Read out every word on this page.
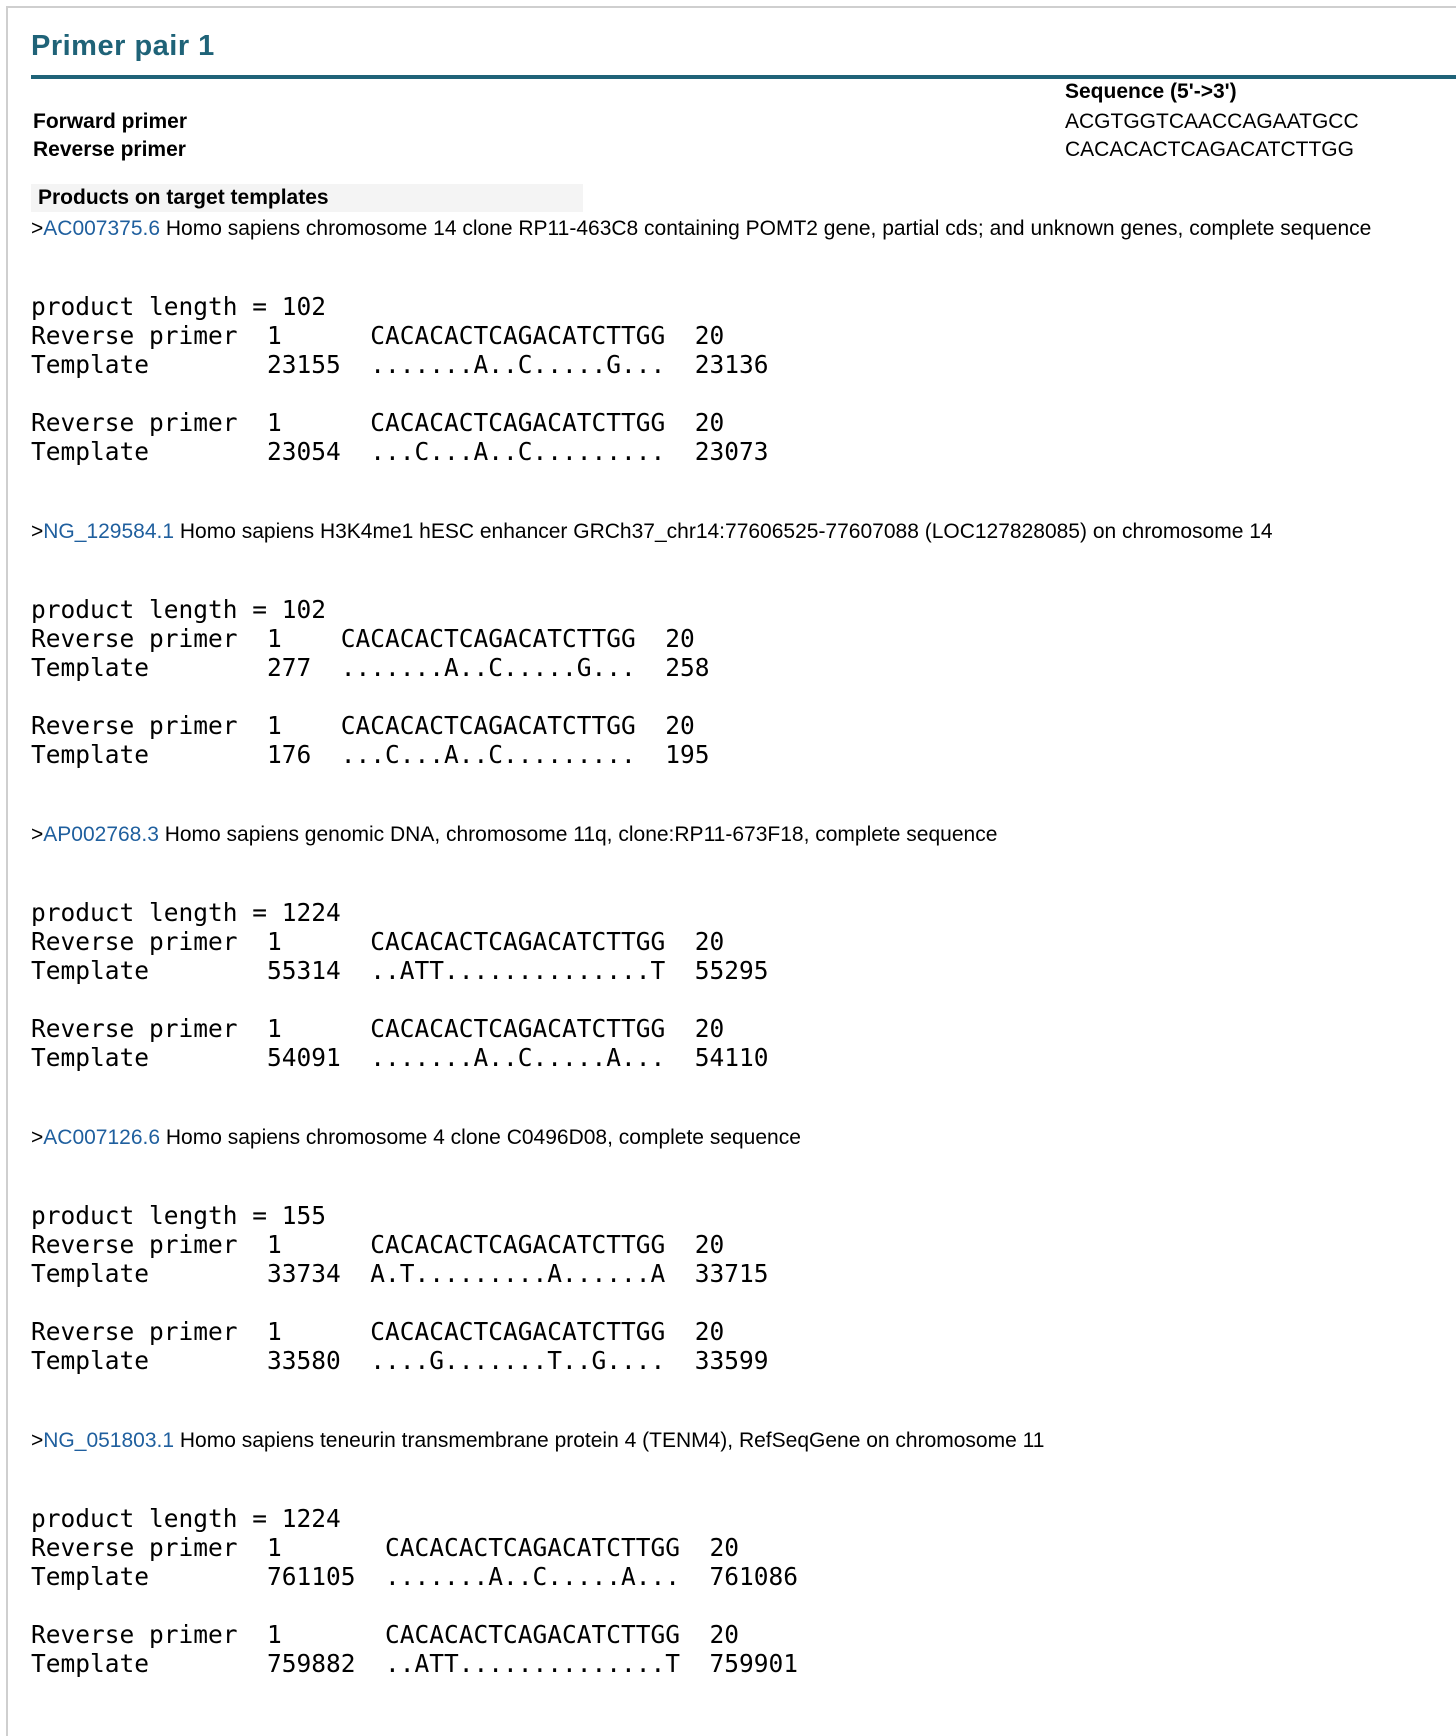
Primer pair 1
Sequence (5'->3')
Forward primer	ACGTGGTCAACCAGAATGCC
Reverse primer	CACACACTCAGACATCTTGG
Products on target templates
>AC007375.6 Homo sapiens chromosome 14 clone RP11-463C8 containing POMT2 gene, partial cds; and unknown genes, complete sequence
product length = 102
Reverse primer  1      CACACACTCAGACATCTTGG  20
Template        23155  .......A..C.....G...  23136

Reverse primer  1      CACACACTCAGACATCTTGG  20
Template        23054  ...C...A..C.........  23073
>NG_129584.1 Homo sapiens H3K4me1 hESC enhancer GRCh37_chr14:77606525-77607088 (LOC127828085) on chromosome 14
product length = 102
Reverse primer  1    CACACACTCAGACATCTTGG  20
Template        277  .......A..C.....G...  258

Reverse primer  1    CACACACTCAGACATCTTGG  20
Template        176  ...C...A..C.........  195
>AP002768.3 Homo sapiens genomic DNA, chromosome 11q, clone:RP11-673F18, complete sequence
product length = 1224
Reverse primer  1      CACACACTCAGACATCTTGG  20
Template        55314  ..ATT..............T  55295

Reverse primer  1      CACACACTCAGACATCTTGG  20
Template        54091  .......A..C.....A...  54110
>AC007126.6 Homo sapiens chromosome 4 clone C0496D08, complete sequence
product length = 155
Reverse primer  1      CACACACTCAGACATCTTGG  20
Template        33734  A.T.........A......A  33715

Reverse primer  1      CACACACTCAGACATCTTGG  20
Template        33580  ....G.......T..G....  33599
>NG_051803.1 Homo sapiens teneurin transmembrane protein 4 (TENM4), RefSeqGene on chromosome 11
product length = 1224
Reverse primer  1       CACACACTCAGACATCTTGG  20
Template        761105  .......A..C.....A...  761086

Reverse primer  1       CACACACTCAGACATCTTGG  20
Template        759882  ..ATT..............T  759901
